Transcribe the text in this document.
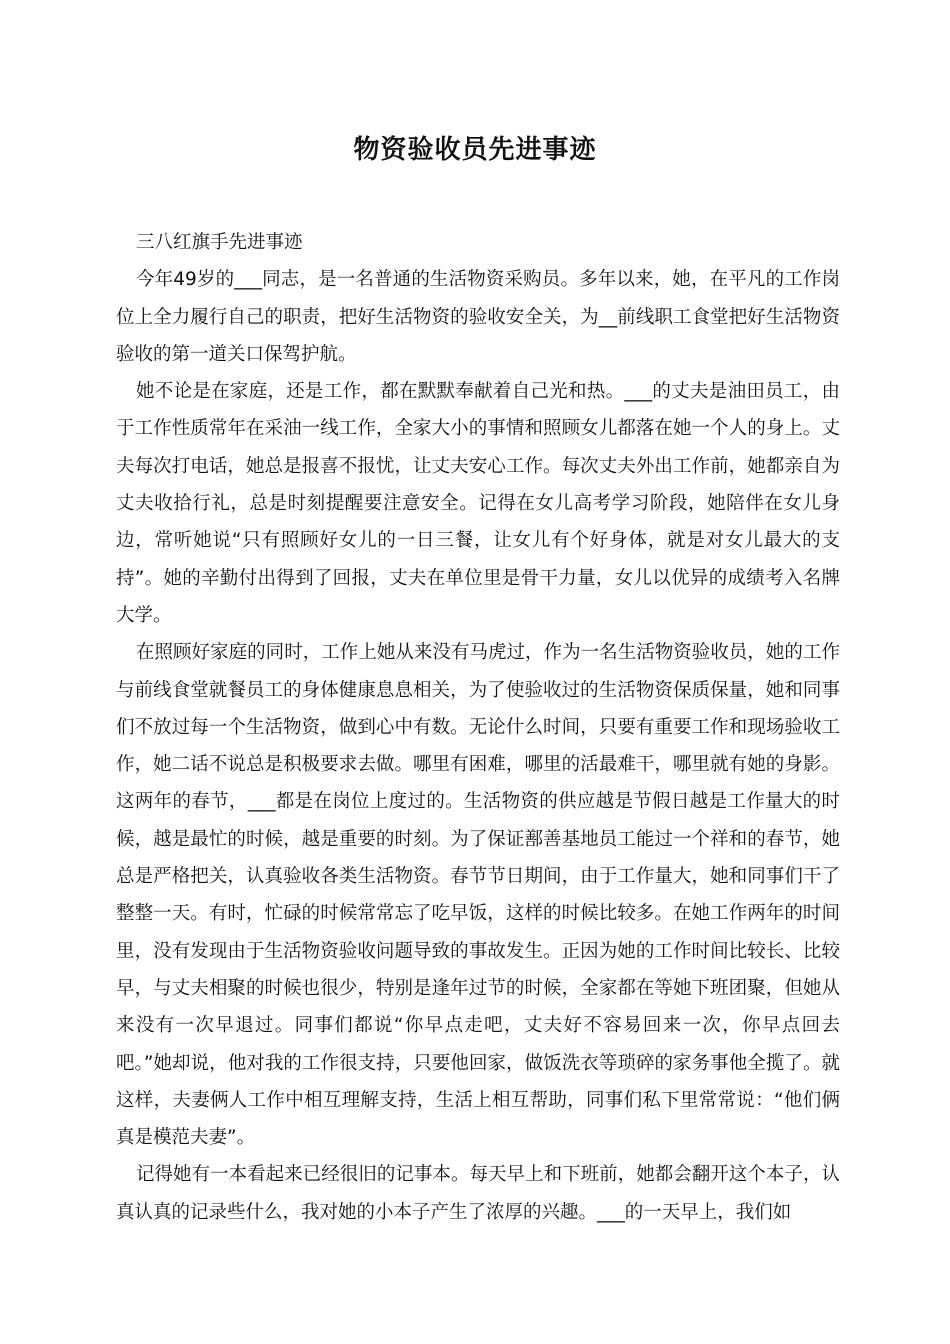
物资验收员先进事迹

三八红旗手先进事迹

今年49岁的___同志，是一名普通的生活物资采购员。多年以来，她，在平凡的工作岗位上全力履行自己的职责，把好生活物资的验收安全关，为__前线职工食堂把好生活物资验收的第一道关口保驾护航。

她不论是在家庭，还是工作，都在默默奉献着自己光和热。___的丈夫是油田员工，由于工作性质常年在采油一线工作，全家大小的事情和照顾女儿都落在她一个人的身上。丈夫每次打电话，她总是报喜不报忧，让丈夫安心工作。每次丈夫外出工作前，她都亲自为丈夫收拾行礼，总是时刻提醒要注意安全。记得在女儿高考学习阶段，她陪伴在女儿身边，常听她说“只有照顾好女儿的一日三餐，让女儿有个好身体，就是对女儿最大的支持”。她的辛勤付出得到了回报，丈夫在单位里是骨干力量，女儿以优异的成绩考入名牌大学。

在照顾好家庭的同时，工作上她从来没有马虎过，作为一名生活物资验收员，她的工作与前线食堂就餐员工的身体健康息息相关，为了使验收过的生活物资保质保量，她和同事们不放过每一个生活物资，做到心中有数。无论什么时间，只要有重要工作和现场验收工作，她二话不说总是积极要求去做。哪里有困难，哪里的活最难干，哪里就有她的身影。这两年的春节，___都是在岗位上度过的。生活物资的供应越是节假日越是工作量大的时候，越是最忙的时候，越是重要的时刻。为了保证鄯善基地员工能过一个祥和的春节，她总是严格把关，认真验收各类生活物资。春节节日期间，由于工作量大，她和同事们干了整整一天。有时，忙碌的时候常常忘了吃早饭，这样的时候比较多。在她工作两年的时间里，没有发现由于生活物资验收问题导致的事故发生。正因为她的工作时间比较长、比较早，与丈夫相聚的时候也很少，特别是逢年过节的时候，全家都在等她下班团聚，但她从来没有一次早退过。同事们都说“你早点走吧，丈夫好不容易回来一次，你早点回去吧。”她却说，他对我的工作很支持，只要他回家，做饭洗衣等琐碎的家务事他全揽了。就这样，夫妻俩人工作中相互理解支持，生活上相互帮助，同事们私下里常常说：“他们俩真是模范夫妻”。

记得她有一本看起来已经很旧的记事本。每天早上和下班前，她都会翻开这个本子，认真认真的记录些什么，我对她的小本子产生了浓厚的兴趣。___的一天早上，我们如
